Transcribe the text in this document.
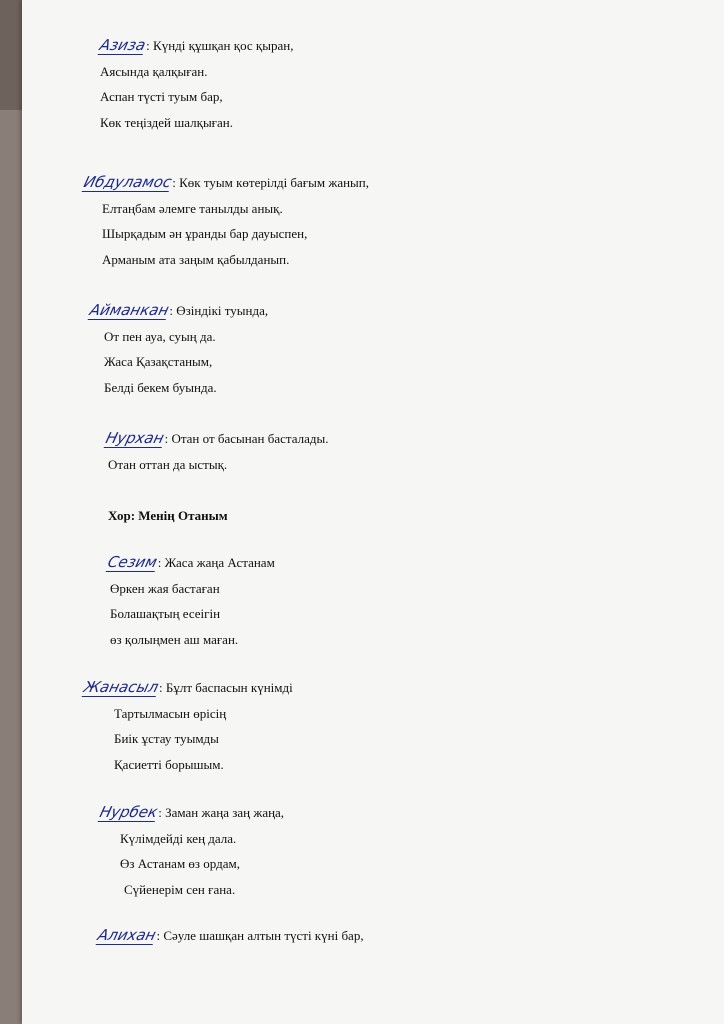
Азиза: Күнді құшқан қос қыран,
Аясында қалқыған.
Аспан түсті туым бар,
Көк теңіздей шалқыған.
Ибдуламос: Көк туым көтерілді бағым жанып,
Елтаңбам әлемге танылды анық.
Шырқадым ән ұранды бар дауыспен,
Арманым ата заңым қабылданып.
Айманкан: Өзіндікі туында,
От пен ауа, суың да.
Жаса Қазақстаным,
Белді бекем буында.
Нурхан: Отан от басынан басталады.
Отан оттан да ыстық.

Хор: Менің Отаным
Сезим: Жаса жаңа Астанам
Өркен жая бастаған
Болашақтың есеігін
өз қолыңмен аш маған.
Жанасыл: Бұлт баспасын күнімді
Тартылмасын өрісің
Биік ұстау туымды
Қасиетті борышым.
Нурбек: Заман жаңа заң жаңа,
Күлімдейді кең дала.
Өз Астанам өз ордам,
Сүйенерім сен ғана.
Алихан: Сәуле шашқан алтын түсті күні бар,
